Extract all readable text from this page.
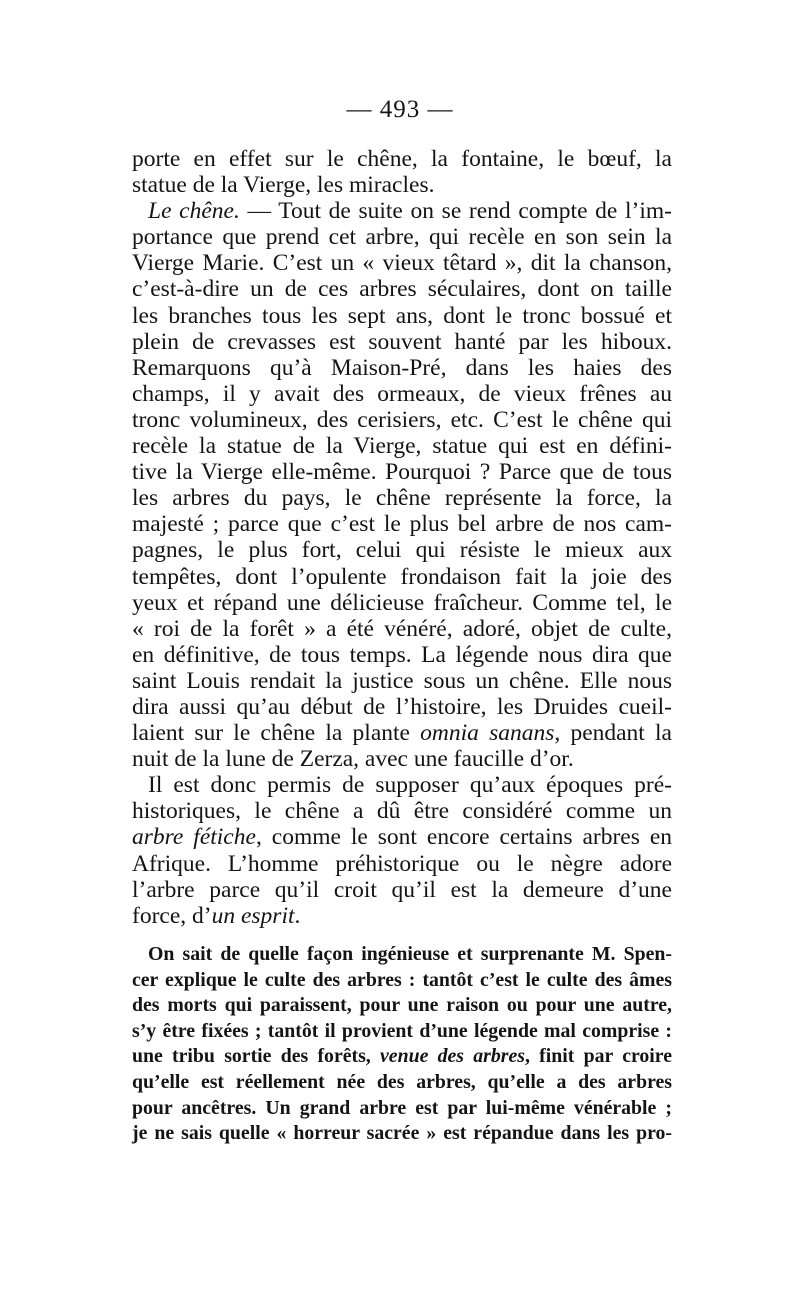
— 493 —
porte en effet sur le chêne, la fontaine, le bœuf, la
statue de la Vierge, les miracles.
Le chêne. — Tout de suite on se rend compte de l’im-
portance que prend cet arbre, qui recèle en son sein la
Vierge Marie. C’est un « vieux têtard », dit la chanson,
c’est-à-dire un de ces arbres séculaires, dont on taille
les branches tous les sept ans, dont le tronc bossué et
plein de crevasses est souvent hanté par les hiboux.
Remarquons qu’à Maison-Pré, dans les haies des
champs, il y avait des ormeaux, de vieux frênes au
tronc volumineux, des cerisiers, etc. C’est le chêne qui
recèle la statue de la Vierge, statue qui est en défini-
tive la Vierge elle-même. Pourquoi ? Parce que de tous
les arbres du pays, le chêne représente la force, la
majesté ; parce que c’est le plus bel arbre de nos cam-
pagnes, le plus fort, celui qui résiste le mieux aux
tempêtes, dont l’opulente frondaison fait la joie des
yeux et répand une délicieuse fraîcheur. Comme tel, le
« roi de la forêt » a été vénéré, adoré, objet de culte,
en définitive, de tous temps. La légende nous dira que
saint Louis rendait la justice sous un chêne. Elle nous
dira aussi qu’au début de l’histoire, les Druides cueil-
laient sur le chêne la plante omnia sanans, pendant la
nuit de la lune de Zerza, avec une faucille d’or.
Il est donc permis de supposer qu’aux époques pré-
historiques, le chêne a dû être considéré comme un
arbre fétiche, comme le sont encore certains arbres en
Afrique. L’homme préhistorique ou le nègre adore
l’arbre parce qu’il croit qu’il est la demeure d’une
force, d’un esprit.
On sait de quelle façon ingénieuse et surprenante M. Spen-
cer explique le culte des arbres : tantôt c’est le culte des âmes
des morts qui paraissent, pour une raison ou pour une autre,
s’y être fixées ; tantôt il provient d’une légende mal comprise :
une tribu sortie des forêts, venue des arbres, finit par croire
qu’elle est réellement née des arbres, qu’elle a des arbres
pour ancêtres. Un grand arbre est par lui-même vénérable ;
je ne sais quelle « horreur sacrée » est répandue dans les pro-
